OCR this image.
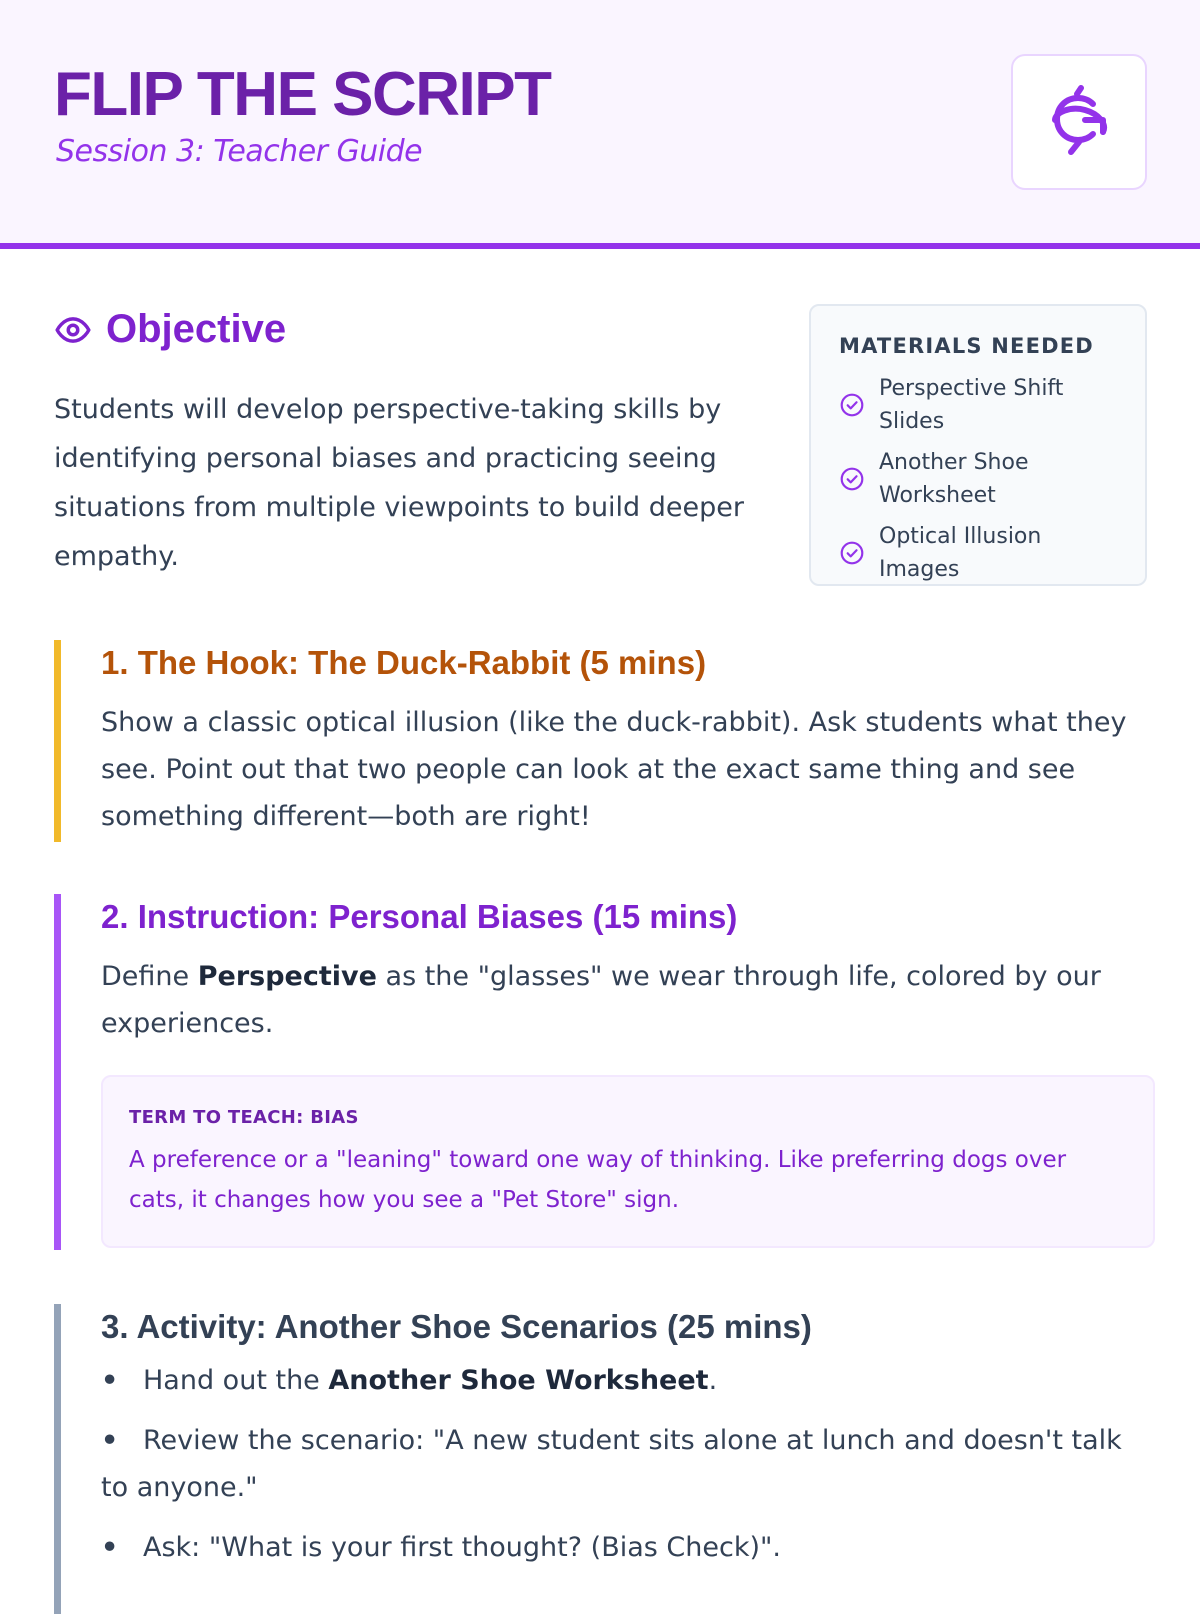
FLIP THE SCRIPT
Session 3: Teacher Guide
Objective

Students will develop perspective-taking skills by identifying personal biases and practicing seeing situations from multiple viewpoints to build deeper empathy.

MATERIALS NEEDED
Perspective Shift Slides
Another Shoe Worksheet
Optical Illusion Images
1. The Hook: The Duck-Rabbit (5 mins)

Show a classic optical illusion (like the duck-rabbit). Ask students what they see. Point out that two people can look at the exact same thing and see something different—both are right!

2. Instruction: Personal Biases (15 mins)

Define Perspective as the "glasses" we wear through life, colored by our experiences.

TERM TO TEACH: BIAS
A preference or a "leaning" toward one way of thinking. Like preferring dogs over cats, it changes how you see a "Pet Store" sign.
3. Activity: Another Shoe Scenarios (25 mins)
• Hand out the Another Shoe Worksheet.
• Review the scenario: "A new student sits alone at lunch and doesn't talk to anyone."
• Ask: "What is your first thought? (Bias Check)".
